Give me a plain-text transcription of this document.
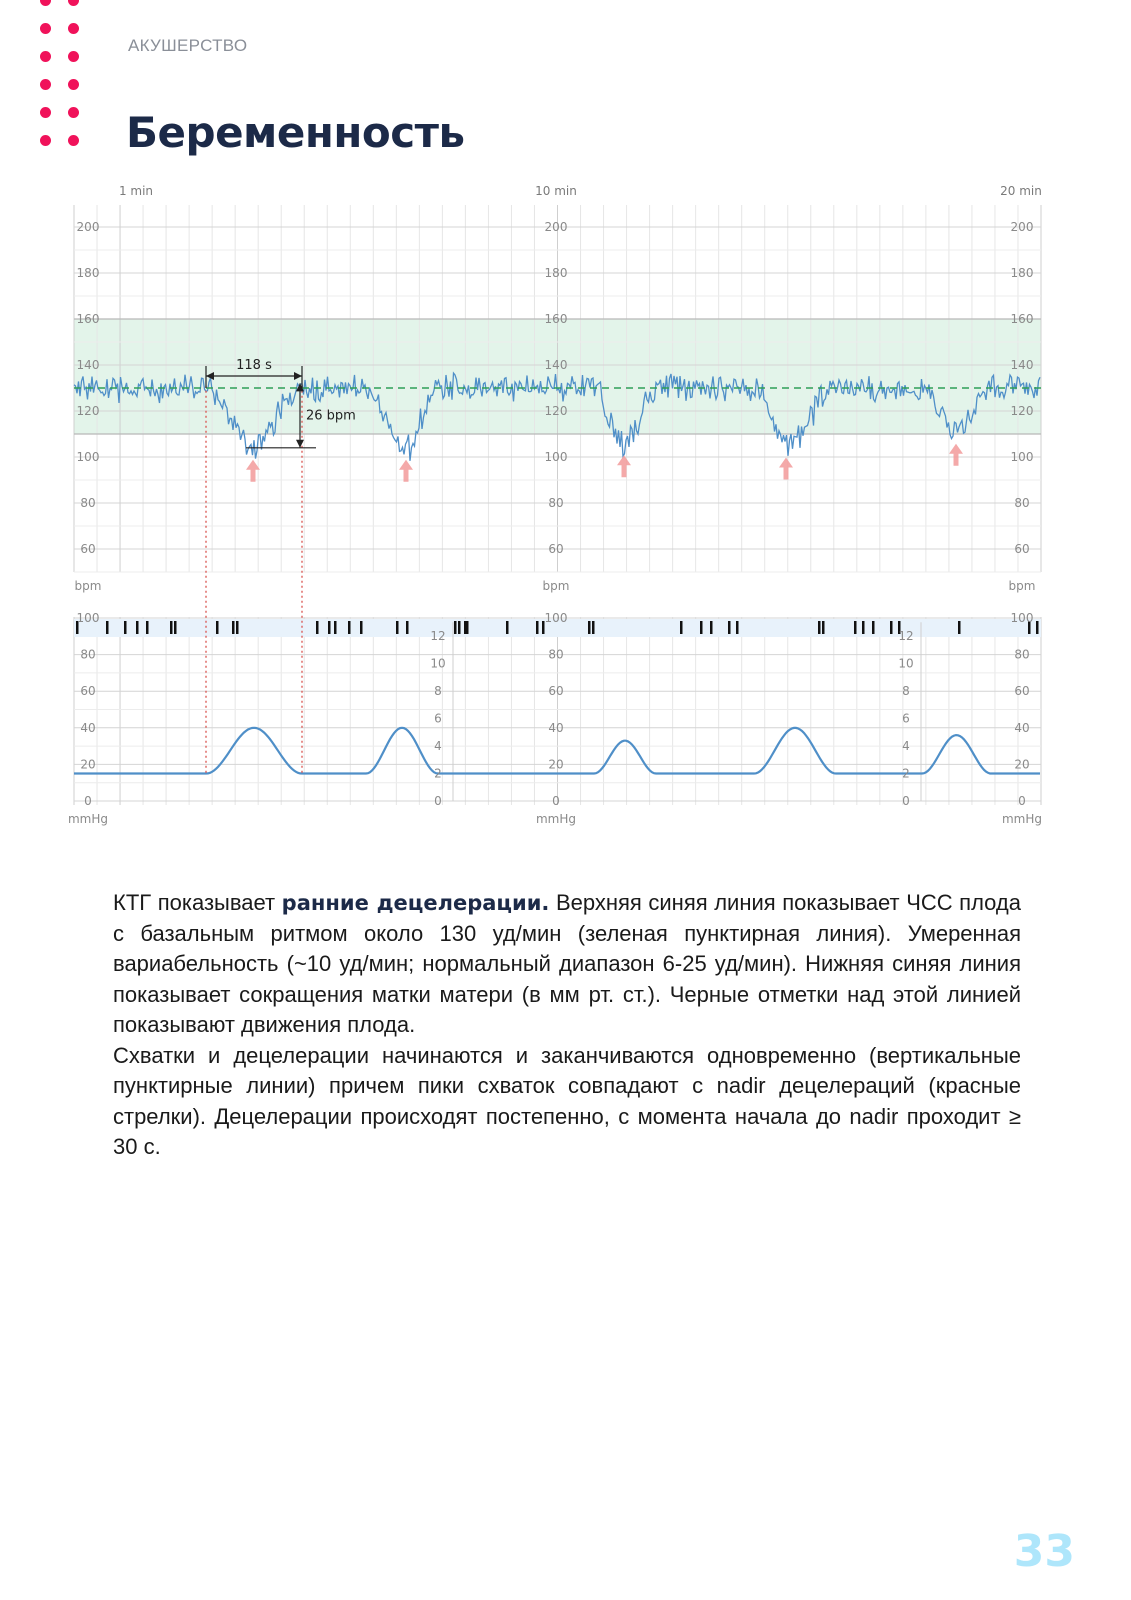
АКУШЕРСТВО
Беременность
1 min	10 min	20 min
200
180
160
140
120
100
80
60
bpm
100
80
60
40
20
0
mmHg
200
180
160
140
120
100
80
60
bpm
100
80
60
40
20
0
mmHg
200
180
160
140
120
100
80
60
bpm
100
80
60
40
20
0
mmHg
12
10
8
6
4
2
0
12
10
8
6
4
2
0
118 s
26 bpm

КТГ показывает ранние децелерации. Верхняя синяя линия показывает ЧСС плода с базальным ритмом около 130 уд/мин (зеленая пунктирная линия). Умеренная вариабельность (~10 уд/мин; нормальный диапазон 6-25 уд/мин). Нижняя синяя линия показывает сокращения матки матери (в мм рт. ст.). Черные отметки над этой линией показывают движения плода.

Схватки и децелерации начинаются и заканчиваются одновременно (вертикальные пунктирные линии) причем пики схваток совпадают с nadir децелераций (красные стрелки). Децелерации происходят постепенно, с момента начала до nadir проходит ≥ 30 с.

33
